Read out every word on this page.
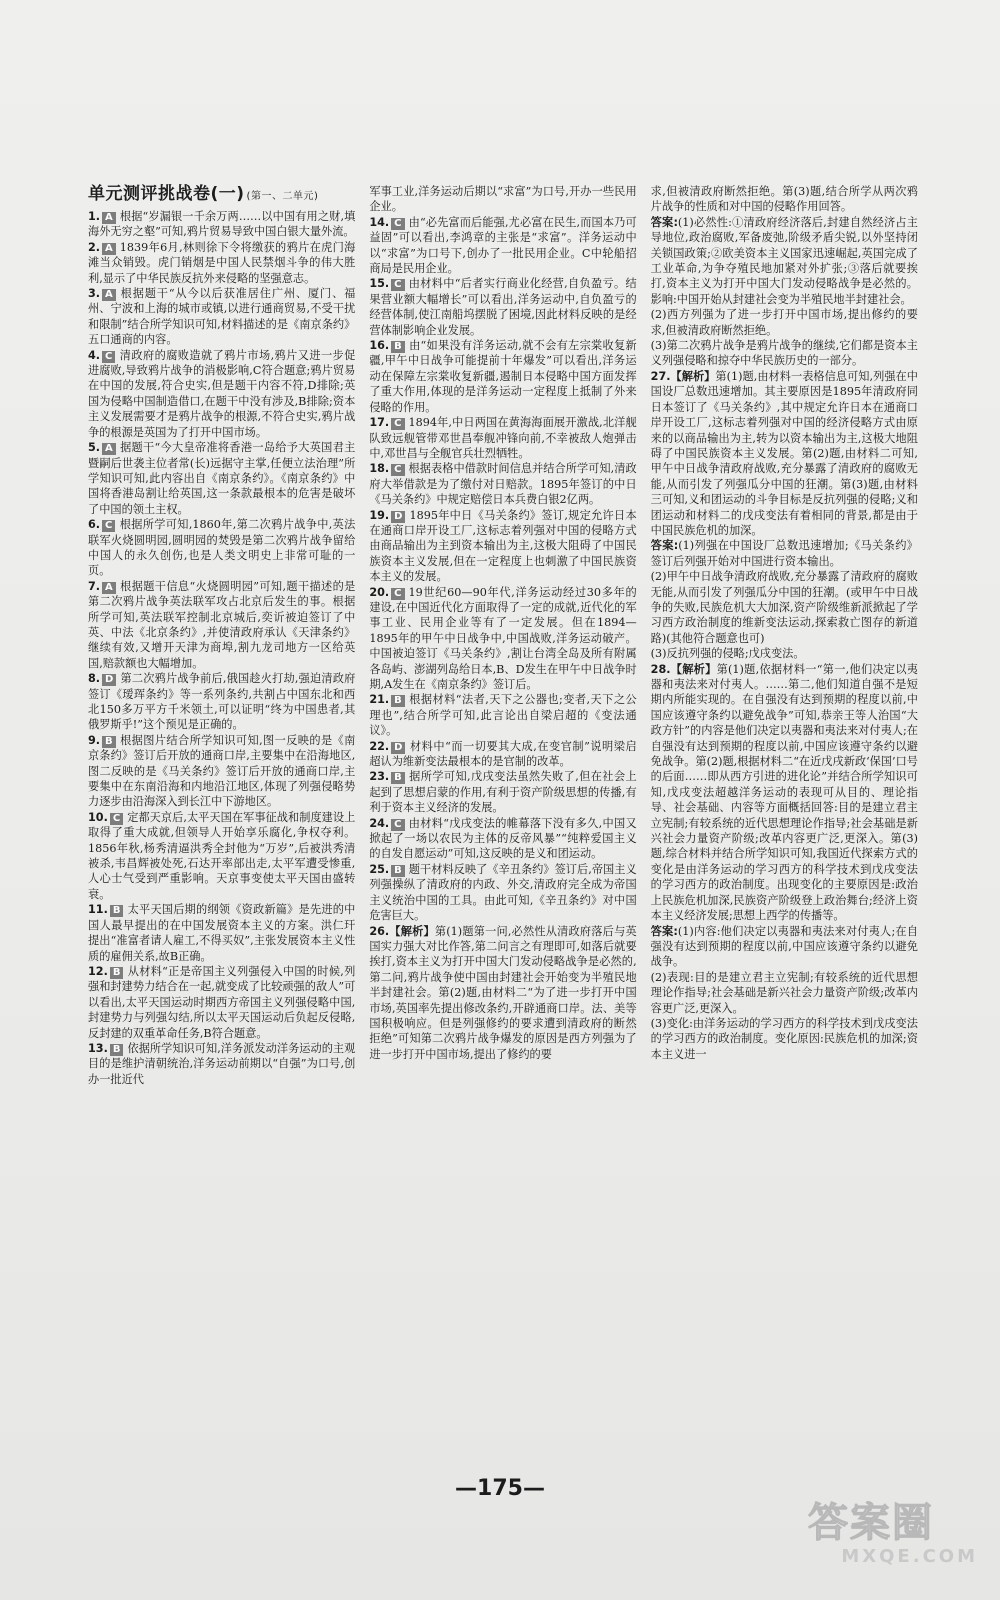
单元测评挑战卷(一) (第一、二单元)
1. A 根据“岁漏银一千余万两……以中国有用之财,填海外无穷之壑”可知,鸦片贸易导致中国白银大量外流。
2. A 1839年6月,林则徐下令将缴获的鸦片在虎门海滩当众销毁。虎门销烟是中国人民禁烟斗争的伟大胜利,显示了中华民族反抗外来侵略的坚强意志。
3. A 根据题干“从今以后获准居住广州、厦门、福州、宁波和上海的城市或镇,以进行通商贸易,不受干扰和限制”结合所学知识可知,材料描述的是《南京条约》五口通商的内容。
4. C 清政府的腐败造就了鸦片市场,鸦片又进一步促进腐败,导致鸦片战争的消极影响,C符合题意;鸦片贸易在中国的发展,符合史实,但是题干内容不符,D排除;英国为侵略中国制造借口,在题干中没有涉及,B排除;资本主义发展需要才是鸦片战争的根源,不符合史实,鸦片战争的根源是英国为了打开中国市场。
5. A 据题干“今大皇帝准将香港一岛给予大英国君主暨嗣后世袭主位者常(长)远据守主掌,任便立法治理”所学知识可知,此内容出自《南京条约》。《南京条约》中国将香港岛割让给英国,这一条款最根本的危害是破坏了中国的领土主权。
6. C 根据所学可知,1860年,第二次鸦片战争中,英法联军火烧圆明园,圆明园的焚毁是第二次鸦片战争留给中国人的永久创伤,也是人类文明史上非常可耻的一页。
7. A 根据题干信息“火烧圆明园”可知,题干描述的是第二次鸦片战争英法联军攻占北京后发生的事。根据所学可知,英法联军控制北京城后,奕䜣被迫签订了中英、中法《北京条约》,并使清政府承认《天津条约》继续有效,又增开天津为商埠,割九龙司地方一区给英国,赔款额也大幅增加。
8. D 第二次鸦片战争前后,俄国趁火打劫,强迫清政府签订《瑷珲条约》等一系列条约,共割占中国东北和西北150多万平方千米领土,可以证明“终为中国患者,其俄罗斯乎!”这个预见是正确的。
9. B 根据图片结合所学知识可知,图一反映的是《南京条约》签订后开放的通商口岸,主要集中在沿海地区,图二反映的是《马关条约》签订后开放的通商口岸,主要集中在东南沿海和内地沿江地区,体现了列强侵略势力逐步由沿海深入到长江中下游地区。
10. C 定都天京后,太平天国在军事征战和制度建设上取得了重大成就,但领导人开始享乐腐化,争权夺利。1856年秋,杨秀清逼洪秀全封他为“万岁”,后被洪秀清被杀,韦昌辉被处死,石达开率部出走,太平军遭受惨重,人心士气受到严重影响。天京事变使太平天国由盛转衰。
11. B 太平天国后期的纲领《资政新篇》是先进的中国人最早提出的在中国发展资本主义的方案。洪仁玕提出“准富者请人雇工,不得买奴”,主张发展资本主义性质的雇佣关系,故B正确。
12. B 从材料“正是帝国主义列强侵入中国的时候,列强和封建势力结合在一起,就变成了比较顽强的敌人”可以看出,太平天国运动时期西方帝国主义列强侵略中国,封建势力与列强勾结,所以太平天国运动后负起反侵略,反封建的双重革命任务,B符合题意。
13. B 依据所学知识可知,洋务派发动洋务运动的主观目的是维护清朝统治,洋务运动前期以“自强”为口号,创办一批近代
军事工业,洋务运动后期以“求富”为口号,开办一些民用企业。
14. C 由“必先富而后能强,尤必富在民生,而国本乃可益固”可以看出,李鸿章的主张是“求富”。洋务运动中以“求富”为口号下,创办了一批民用企业。C中轮船招商局是民用企业。
15. C 由材料中“后者实行商业化经营,自负盈亏。结果营业额大幅增长”可以看出,洋务运动中,自负盈亏的经营体制,使江南船坞摆脱了困境,因此材料反映的是经营体制影响企业发展。
16. B 由“如果没有洋务运动,就不会有左宗棠收复新疆,甲午中日战争可能提前十年爆发”可以看出,洋务运动在保障左宗棠收复新疆,遏制日本侵略中国方面发挥了重大作用,体现的是洋务运动一定程度上抵制了外来侵略的作用。
17. C 1894年,中日两国在黄海海面展开激战,北洋舰队致远舰管带邓世昌奉舰冲锋向前,不幸被敌人炮弹击中,邓世昌与全舰官兵壮烈牺牲。
18. C 根据表格中借款时间信息并结合所学可知,清政府大举借款是为了缴付对日赔款。1895年签订的中日《马关条约》中规定赔偿日本兵费白银2亿两。
19. D 1895年中日《马关条约》签订,规定允许日本在通商口岸开设工厂,这标志着列强对中国的侵略方式由商品输出为主到资本输出为主,这极大阻碍了中国民族资本主义发展,但在一定程度上也刺激了中国民族资本主义的发展。
20. C 19世纪60—90年代,洋务运动经过30多年的建设,在中国近代化方面取得了一定的成就,近代化的军事工业、民用企业等有了一定发展。但在1894—1895年的甲午中日战争中,中国战败,洋务运动破产。中国被迫签订《马关条约》,割让台湾全岛及所有附属各岛屿、澎湖列岛给日本,B、D发生在甲午中日战争时期,A发生在《南京条约》签订后。
21. B 根据材料“法者,天下之公器也;变者,天下之公理也”,结合所学可知,此言论出自梁启超的《变法通议》。
22. D 材料中“而一切要其大成,在变官制”说明梁启超认为维新变法最根本的是官制的改革。
23. B 据所学可知,戊戌变法虽然失败了,但在社会上起到了思想启蒙的作用,有利于资产阶级思想的传播,有利于资本主义经济的发展。
24. C 由材料“戊戌变法的帷幕落下没有多久,中国又掀起了一场以农民为主体的反帝风暴”“纯粹爱国主义的自发自愿运动”可知,这反映的是义和团运动。
25. B 题干材料反映了《辛丑条约》签订后,帝国主义列强操纵了清政府的内政、外交,清政府完全成为帝国主义统治中国的工具。由此可知,《辛丑条约》对中国危害巨大。
26.【解析】第(1)题第一问,必然性从清政府落后与英国实力强大对比作答,第二问言之有理即可,如落后就要挨打,资本主义为打开中国大门发动侵略战争是必然的,第二问,鸦片战争使中国由封建社会开始变为半殖民地半封建社会。第(2)题,由材料二“为了进一步打开中国市场,英国率先提出修改条约,开辟通商口岸。法、美等国积极响应。但是列强修约的要求遭到清政府的断然拒绝”可知第二次鸦片战争爆发的原因是西方列强为了进一步打开中国市场,提出了修约的要
求,但被清政府断然拒绝。第(3)题,结合所学从两次鸦片战争的性质和对中国的侵略作用回答。
答案:(1)必然性:①清政府经济落后,封建自然经济占主导地位,政治腐败,军备废弛,阶级矛盾尖锐,以外坚持闭关锁国政策;②欧美资本主义国家迅速崛起,英国完成了工业革命,为争夺殖民地加紧对外扩张;③落后就要挨打,资本主义为打开中国大门发动侵略战争是必然的。影响:中国开始从封建社会变为半殖民地半封建社会。
(2)西方列强为了进一步打开中国市场,提出修约的要求,但被清政府断然拒绝。
(3)第二次鸦片战争是鸦片战争的继续,它们都是资本主义列强侵略和掠夺中华民族历史的一部分。
27.【解析】第(1)题,由材料一表格信息可知,列强在中国设厂总数迅速增加。其主要原因是1895年清政府同日本签订了《马关条约》,其中规定允许日本在通商口岸开设工厂,这标志着列强对中国的经济侵略方式由原来的以商品输出为主,转为以资本输出为主,这极大地阻碍了中国民族资本主义发展。第(2)题,由材料二可知,甲午中日战争清政府战败,充分暴露了清政府的腐败无能,从而引发了列强瓜分中国的狂潮。第(3)题,由材料三可知,义和团运动的斗争目标是反抗列强的侵略;义和团运动和材料二的戊戌变法有着相同的背景,都是由于中国民族危机的加深。
答案:(1)列强在中国设厂总数迅速增加;《马关条约》签订后列强开始对中国进行资本输出。
(2)甲午中日战争清政府战败,充分暴露了清政府的腐败无能,从而引发了列强瓜分中国的狂潮。(或甲午中日战争的失败,民族危机大大加深,资产阶级维新派掀起了学习西方政治制度的维新变法运动,探索救亡图存的新道路)(其他符合题意也可)
(3)反抗列强的侵略;戊戌变法。
28.【解析】第(1)题,依据材料一“第一,他们决定以夷器和夷法来对付夷人。……第二,他们知道自强不是短期内所能实现的。在自强没有达到预期的程度以前,中国应该遵守条约以避免战争”可知,恭亲王等人治国“大政方针”的内容是他们决定以夷器和夷法来对付夷人;在自强没有达到预期的程度以前,中国应该遵守条约以避免战争。第(2)题,根据材料二“在近戊戌新政‘保国’口号的后面……即从西方引进的进化论”并结合所学知识可知,戊戌变法超越洋务运动的表现可从目的、理论指导、社会基础、内容等方面概括回答:目的是建立君主立宪制;有较系统的近代思想理论作指导;社会基础是新兴社会力量资产阶级;改革内容更广泛,更深入。第(3)题,综合材料并结合所学知识可知,我国近代探索方式的变化是由洋务运动的学习西方的科学技术到戊戌变法的学习西方的政治制度。出现变化的主要原因是:政治上民族危机加深,民族资产阶级登上政治舞台;经济上资本主义经济发展;思想上西学的传播等。
答案:(1)内容:他们决定以夷器和夷法来对付夷人;在自强没有达到预期的程度以前,中国应该遵守条约以避免战争。
(2)表现:目的是建立君主立宪制;有较系统的近代思想理论作指导;社会基础是新兴社会力量资产阶级;改革内容更广泛,更深入。
(3)变化:由洋务运动的学习西方的科学技术到戊戌变法的学习西方的政治制度。变化原因:民族危机的加深;资本主义进一
—175—
答案圈
MXQE.COM
